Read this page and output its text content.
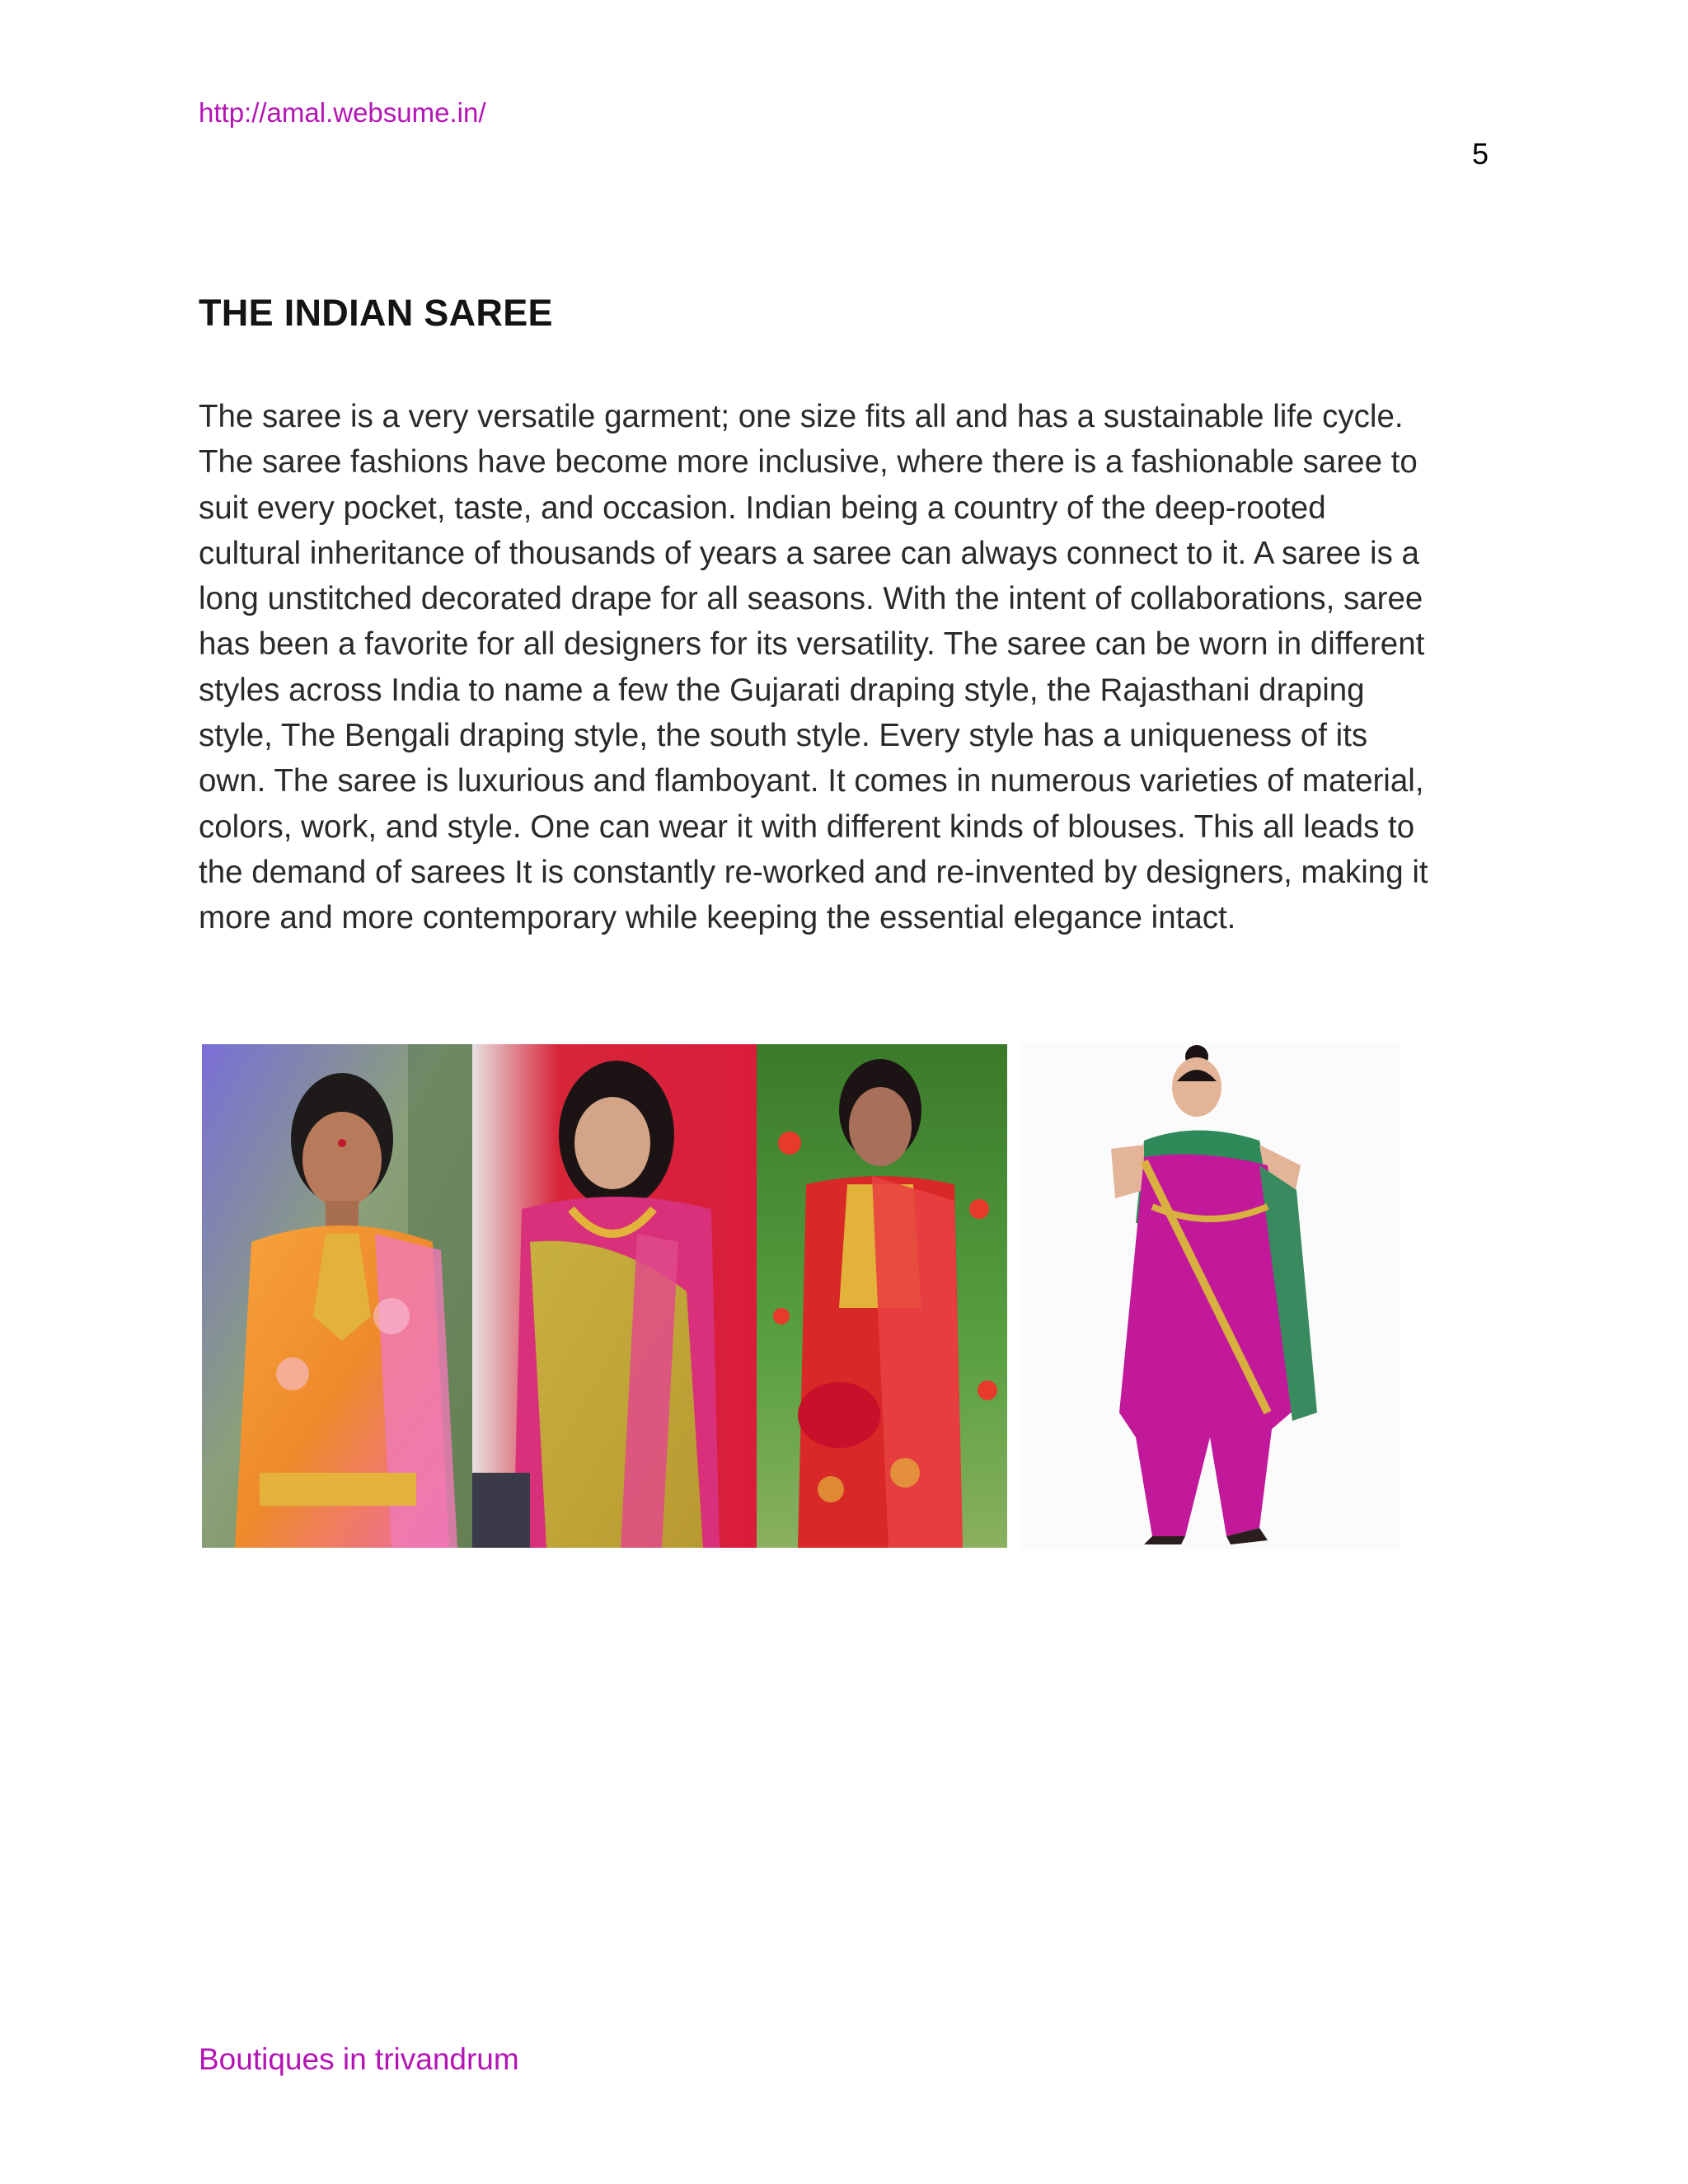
http://amal.websume.in/
5
THE INDIAN SAREE

The saree is a very versatile garment; one size fits all and has a sustainable life cycle.
The saree fashions have become more inclusive, where there is a fashionable saree to
suit every pocket, taste, and occasion. Indian being a country of the deep-rooted
cultural inheritance of thousands of years a saree can always connect to it. A saree is a
long unstitched decorated drape for all seasons. With the intent of collaborations, saree
has been a favorite for all designers for its versatility. The saree can be worn in different
styles across India to name a few the Gujarati draping style, the Rajasthani draping
style, The Bengali draping style, the south style. Every style has a uniqueness of its
own. The saree is luxurious and flamboyant. It comes in numerous varieties of material,
colors, work, and style. One can wear it with different kinds of blouses. This all leads to
the demand of sarees It is constantly re-worked and re-invented by designers, making it
more and more contemporary while keeping the essential elegance intact.

Boutiques in trivandrum
